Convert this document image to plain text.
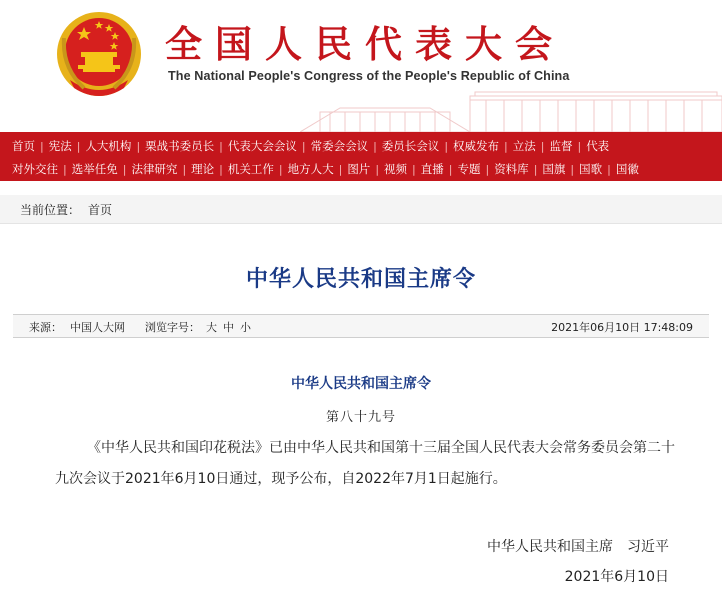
全国人民代表大会
The National People's Congress of the People's Republic of China
首页 | 宪法 | 人大机构 | 栗战书委员长 | 代表大会会议 | 常委会会议 | 委员长会议 | 权威发布 | 立法 | 监督 | 代表
对外交往 | 选举任免 | 法律研究 | 理论 | 机关工作 | 地方人大 | 图片 | 视频 | 直播 | 专题 | 资料库 | 国旗 | 国歌 | 国徽
当前位置： 首页
中华人民共和国主席令
来源： 中国人大网 浏览字号： 大 中 小	2021年06月10日 17:48:09
中华人民共和国主席令
第八十九号
《中华人民共和国印花税法》已由中华人民共和国第十三届全国人民代表大会常务委员会第二十九次会议于2021年6月10日通过，现予公布，自2022年7月1日起施行。
中华人民共和国主席　习近平
2021年6月10日
